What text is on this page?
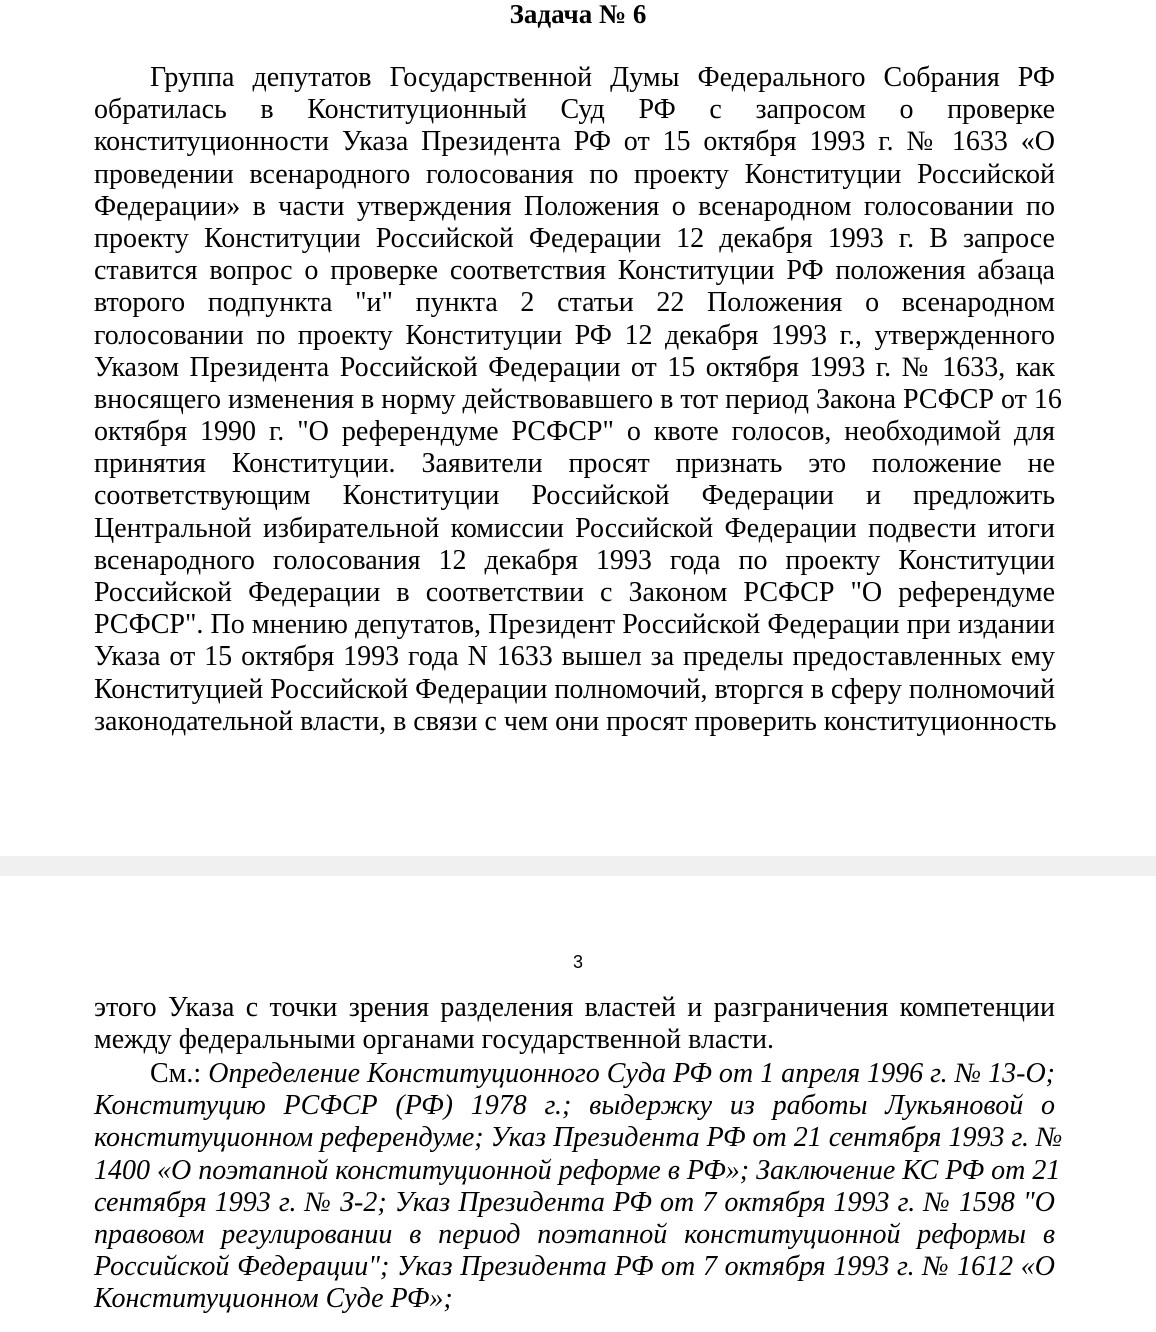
Задача № 6
Группа депутатов Государственной Думы Федерального Собрания РФ
обратилась в Конституционный Суд РФ с запросом о проверке
конституционности Указа Президента РФ от 15 октября 1993 г. № 1633 «О
проведении всенародного голосования по проекту Конституции Российской
Федерации» в части утверждения Положения о всенародном голосовании по
проекту Конституции Российской Федерации 12 декабря 1993 г. В запросе
ставится вопрос о проверке соответствия Конституции РФ положения абзаца
второго подпункта "и" пункта 2 статьи 22 Положения о всенародном
голосовании по проекту Конституции РФ 12 декабря 1993 г., утвержденного
Указом Президента Российской Федерации от 15 октября 1993 г. № 1633, как
вносящего изменения в норму действовавшего в тот период Закона РСФСР от 16
октября 1990 г. "О референдуме РСФСР" о квоте голосов, необходимой для
принятия Конституции. Заявители просят признать это положение не
соответствующим Конституции Российской Федерации и предложить
Центральной избирательной комиссии Российской Федерации подвести итоги
всенародного голосования 12 декабря 1993 года по проекту Конституции
Российской Федерации в соответствии с Законом РСФСР "О референдуме
РСФСР". По мнению депутатов, Президент Российской Федерации при издании
Указа от 15 октября 1993 года N 1633 вышел за пределы предоставленных ему
Конституцией Российской Федерации полномочий, вторгся в сферу полномочий
законодательной власти, в связи с чем они просят проверить конституционность
3
этого Указа с точки зрения разделения властей и разграничения компетенции
между федеральными органами государственной власти.
См.: Определение Конституционного Суда РФ от 1 апреля 1996 г. № 13-О;
Конституцию РСФСР (РФ) 1978 г.; выдержку из работы Лукьяновой о
конституционном референдуме; Указ Президента РФ от 21 сентября 1993 г. №
1400 «О поэтапной конституционной реформе в РФ»; Заключение КС РФ от 21
сентября 1993 г. № З-2; Указ Президента РФ от 7 октября 1993 г. № 1598 "О
правовом регулировании в период поэтапной конституционной реформы в
Российской Федерации"; Указ Президента РФ от 7 октября 1993 г. № 1612 «О
Конституционном Суде РФ»;
